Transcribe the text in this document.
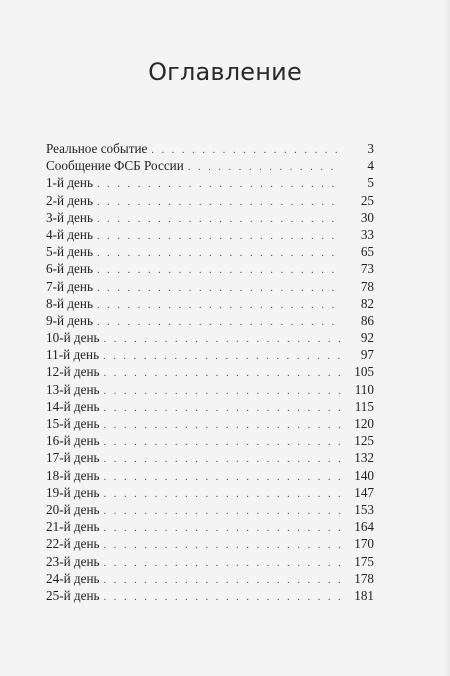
Оглавление
Реальное событие . . .	3
Сообщение ФСБ России . . .	4
1-й день . . .	5
2-й день . . .	25
3-й день . . .	30
4-й день . . .	33
5-й день . . .	65
6-й день . . .	73
7-й день . . .	78
8-й день . . .	82
9-й день . . .	86
10-й день . . .	92
11-й день . . .	97
12-й день . . .	105
13-й день . . .	110
14-й день . . .	115
15-й день . . .	120
16-й день . . .	125
17-й день . . .	132
18-й день . . .	140
19-й день . . .	147
20-й день . . .	153
21-й день . . .	164
22-й день . . .	170
23-й день . . .	175
24-й день . . .	178
25-й день . . .	181
